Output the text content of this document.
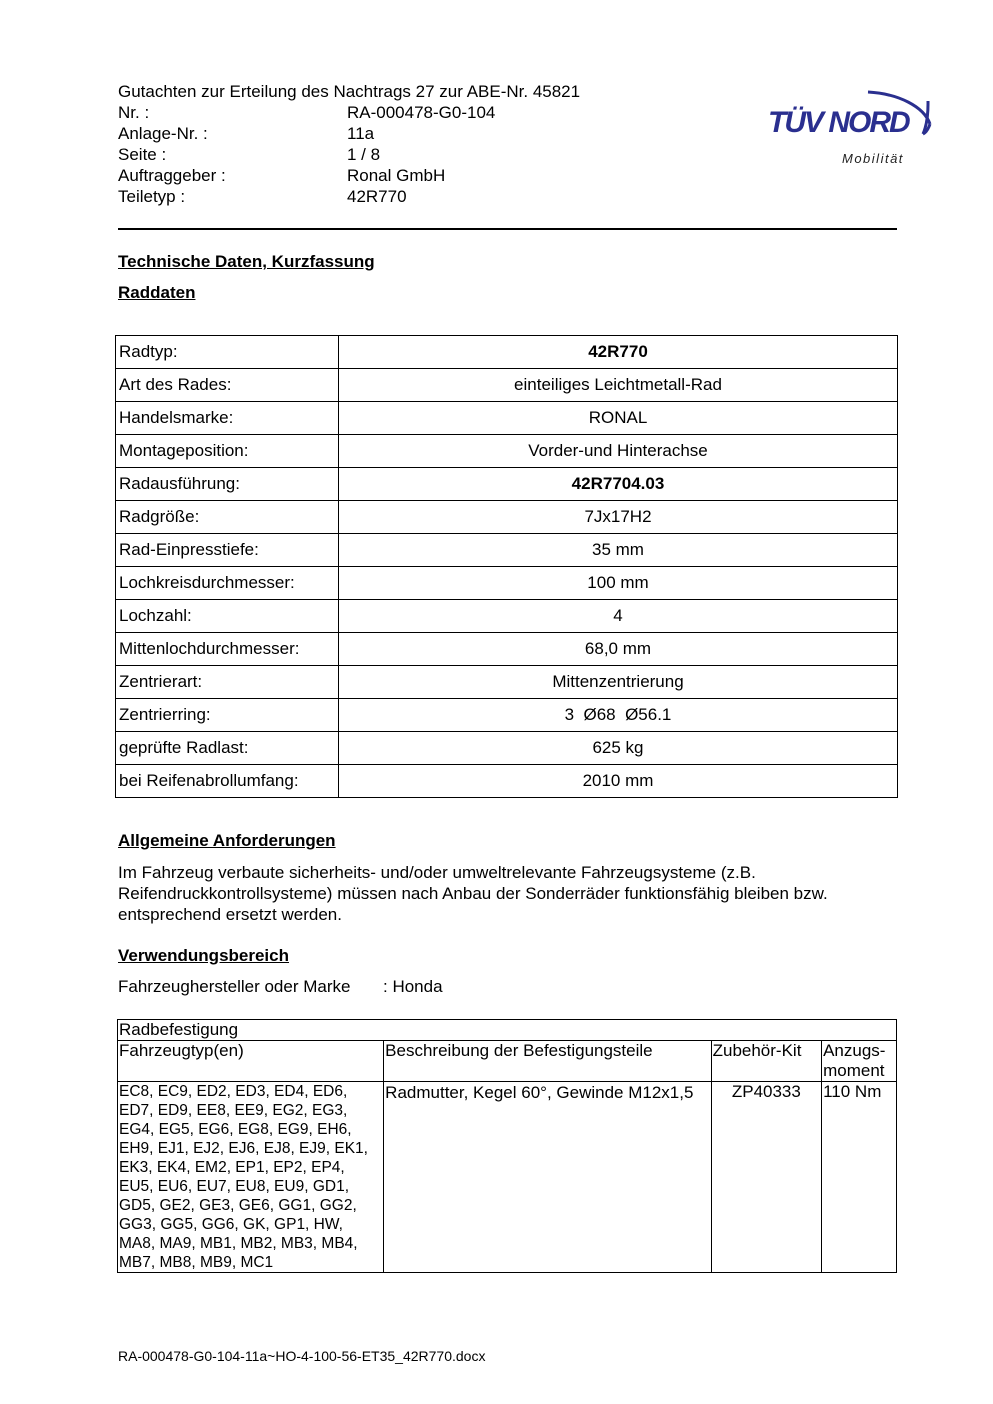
Gutachten zur Erteilung des Nachtrags 27 zur ABE-Nr. 45821
Nr. :	RA-000478-G0-104
Anlage-Nr. :	11a
Seite :	1 / 8
Auftraggeber :	Ronal GmbH
Teiletyp :	42R770
TÜV NORD
Mobilität
Technische Daten, Kurzfassung
Raddaten
Radtyp:	42R770
Art des Rades:	einteiliges Leichtmetall-Rad
Handelsmarke:	RONAL
Montageposition:	Vorder-und Hinterachse
Radausführung:	42R7704.03
Radgröße:	7Jx17H2
Rad-Einpresstiefe:	35 mm
Lochkreisdurchmesser:	100 mm
Lochzahl:	4
Mittenlochdurchmesser:	68,0 mm
Zentrierart:	Mittenzentrierung
Zentrierring:	3  Ø68  Ø56.1
geprüfte Radlast:	625 kg
bei Reifenabrollumfang:	2010 mm
Allgemeine Anforderungen
Im Fahrzeug verbaute sicherheits- und/oder umweltrelevante Fahrzeugsysteme (z.B. Reifendruckkontrollsysteme) müssen nach Anbau der Sonderräder funktionsfähig bleiben bzw. entsprechend ersetzt werden.
Verwendungsbereich
Fahrzeughersteller oder Marke	: Honda
Radbefestigung			
Fahrzeugtyp(en)	Beschreibung der Befestigungsteile	Zubehör-Kit	Anzugs-
moment
EC8, EC9, ED2, ED3, ED4, ED6, ED7, ED9, EE8, EE9, EG2, EG3, EG4, EG5, EG6, EG8, EG9, EH6, EH9, EJ1, EJ2, EJ6, EJ8, EJ9, EK1, EK3, EK4, EM2, EP1, EP2, EP4, EU5, EU6, EU7, EU8, EU9, GD1, GD5, GE2, GE3, GE6, GG1, GG2, GG3, GG5, GG6, GK, GP1, HW, MA8, MA9, MB1, MB2, MB3, MB4, MB7, MB8, MB9, MC1	Radmutter, Kegel 60°, Gewinde M12x1,5	ZP40333	110 Nm
RA-000478-G0-104-11a~HO-4-100-56-ET35_42R770.docx
